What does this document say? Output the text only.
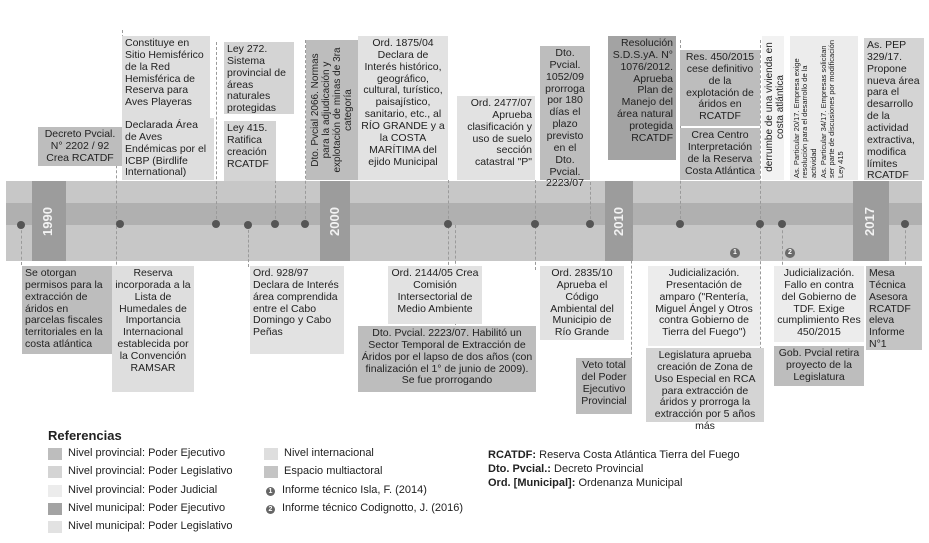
1990	2000	2010	2017
1	2
Decreto Pvcial. N° 2202 / 92 Crea RCATDF
Constituye en Sitio Hemisférico de la Red Hemisférica de Reserva para Aves Playeras
Declarada Área de Aves Endémicas por el ICBP (Birdlife International)
Ley 272. Sistema provincial de áreas naturales protegidas
Ley 415. Ratifica creación RCATDF	Dto. Pvcial 2066. Normas para la adjudicación y explotación de minas de 3ra categoría
Ord. 1875/04 Declara de Interés histórico, geográfico, cultural, turístico, paisajístico, sanitario, etc., al RÍO GRANDE y a la COSTA MARÍTIMA del ejido Municipal
Ord. 2477/07 Aprueba clasificación y uso de suelo sección catastral "P"
Dto. Pvcial. 1052/09 prorroga por 180 días el plazo previsto en el Dto. Pvcial. 2223/07
Resolución S.D.S.yA. N° 1076/2012. Aprueba Plan de Manejo del área natural protegida RCATDF
Res. 450/2015 cese definitivo de la explotación de áridos en RCATDF
Crea Centro Interpretación de la Reserva Costa Atlántica derrumbe de una vivienda en costa atlántica As. Particular 20/17. Empresa exige resolución para el desarrollo de la actividad As. Particular 34/17. Empresas solicitan ser parte de discusiones por modificación Ley 415
As. PEP 329/17. Propone nueva área para el desarrollo de la actividad extractiva, modifica límites RCATDF
Se otorgan permisos para la extracción de áridos en parcelas fiscales territoriales en la costa atlántica
Reserva incorporada a la Lista de Humedales de Importancia Internacional establecida por la Convención RAMSAR
Ord. 928/97 Declara de Interés área comprendida entre el Cabo Domingo y Cabo Peñas
Ord. 2144/05 Crea Comisión Intersectorial de Medio Ambiente
Dto. Pvcial. 2223/07. Habilitó un Sector Temporal de Extracción de Áridos por el lapso de dos años (con finalización el 1° de junio de 2009). Se fue prorrogando
Ord. 2835/10 Aprueba el Código Ambiental del Municipio de Río Grande
Veto total del Poder Ejecutivo Provincial
Judicialización. Presentación de amparo ("Rentería, Miguel Ángel y Otros contra Gobierno de Tierra del Fuego")
Legislatura aprueba creación de Zona de Uso Especial en RCA para extracción de áridos y prorroga la extracción por 5 años más
Judicialización. Fallo en contra del Gobierno de TDF. Exige cumplimiento Res 450/2015
Gob. Pvcial retira proyecto de la Legislatura
Mesa Técnica Asesora RCATDF eleva Informe N°1
Referencias
Nivel provincial: Poder Ejecutivo
Nivel provincial: Poder Legislativo
Nivel provincial: Poder Judicial
Nivel municipal: Poder Ejecutivo
Nivel municipal: Poder Legislativo
Nivel internacional
Espacio multiactoral
1 Informe técnico Isla, F. (2014)
2 Informe técnico Codignotto, J. (2016)
RCATDF: Reserva Costa Atlántica Tierra del Fuego
Dto. Pvcial.: Decreto Provincial
Ord. [Municipal]: Ordenanza Municipal
